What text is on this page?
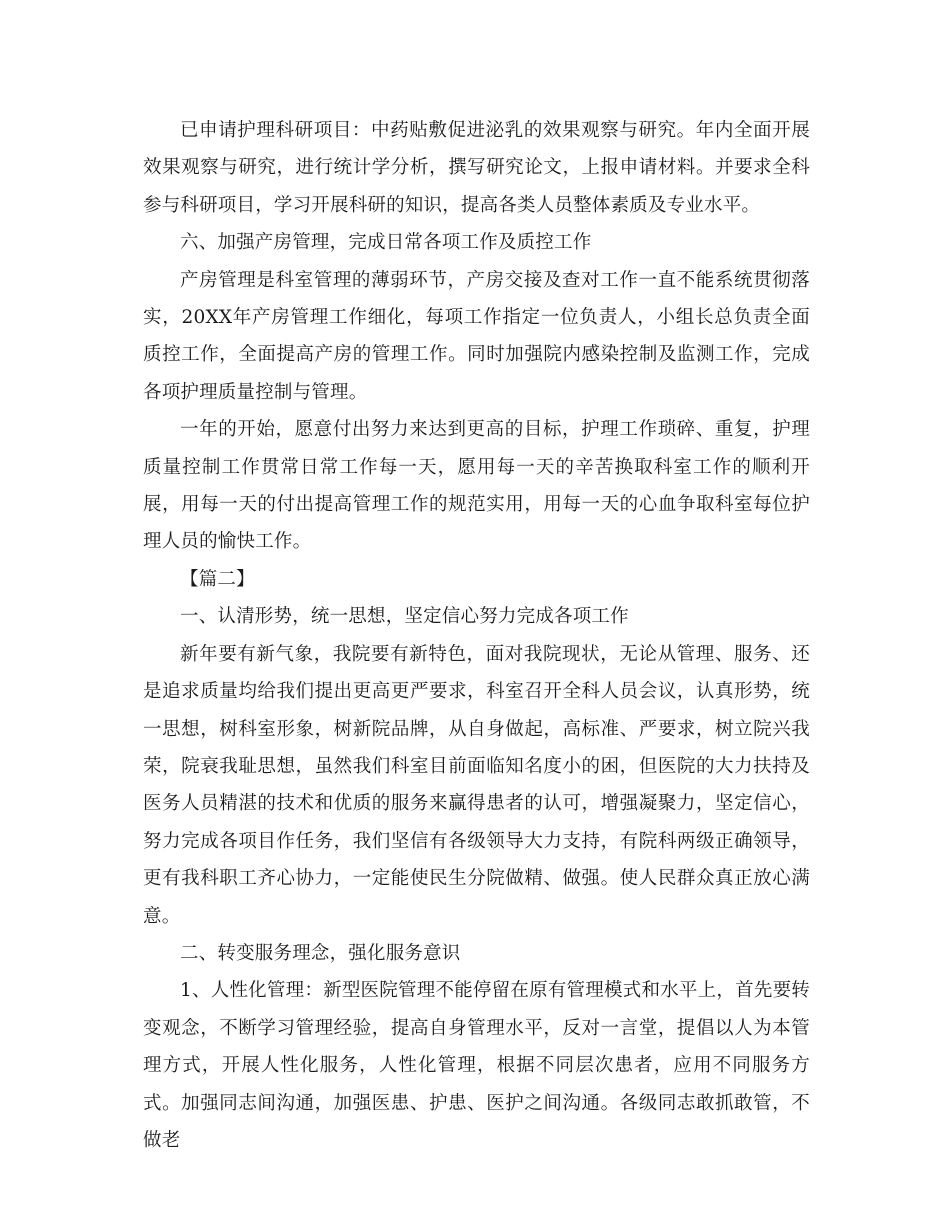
已申请护理科研项目：中药贴敷促进泌乳的效果观察与研究。年内全面开展效果观察与研究，进行统计学分析，撰写研究论文，上报申请材料。并要求全科参与科研项目，学习开展科研的知识，提高各类人员整体素质及专业水平。

六、加强产房管理，完成日常各项工作及质控工作

产房管理是科室管理的薄弱环节，产房交接及查对工作一直不能系统贯彻落实，20XX年产房管理工作细化，每项工作指定一位负责人，小组长总负责全面质控工作，全面提高产房的管理工作。同时加强院内感染控制及监测工作，完成各项护理质量控制与管理。

一年的开始，愿意付出努力来达到更高的目标，护理工作琐碎、重复，护理质量控制工作贯常日常工作每一天，愿用每一天的辛苦换取科室工作的顺利开展，用每一天的付出提高管理工作的规范实用，用每一天的心血争取科室每位护理人员的愉快工作。

【篇二】

一、认清形势，统一思想，坚定信心努力完成各项工作

新年要有新气象，我院要有新特色，面对我院现状，无论从管理、服务、还是追求质量均给我们提出更高更严要求，科室召开全科人员会议，认真形势，统一思想，树科室形象，树新院品牌，从自身做起，高标准、严要求，树立院兴我荣，院衰我耻思想，虽然我们科室目前面临知名度小的困，但医院的大力扶持及医务人员精湛的技术和优质的服务来赢得患者的认可，增强凝聚力，坚定信心，努力完成各项目作任务，我们坚信有各级领导大力支持，有院科两级正确领导，更有我科职工齐心协力，一定能使民生分院做精、做强。使人民群众真正放心满意。

二、转变服务理念，强化服务意识

1、人性化管理：新型医院管理不能停留在原有管理模式和水平上，首先要转变观念，不断学习管理经验，提高自身管理水平，反对一言堂，提倡以人为本管理方式，开展人性化服务，人性化管理，根据不同层次患者，应用不同服务方式。加强同志间沟通，加强医患、护患、医护之间沟通。各级同志敢抓敢管，不做老
